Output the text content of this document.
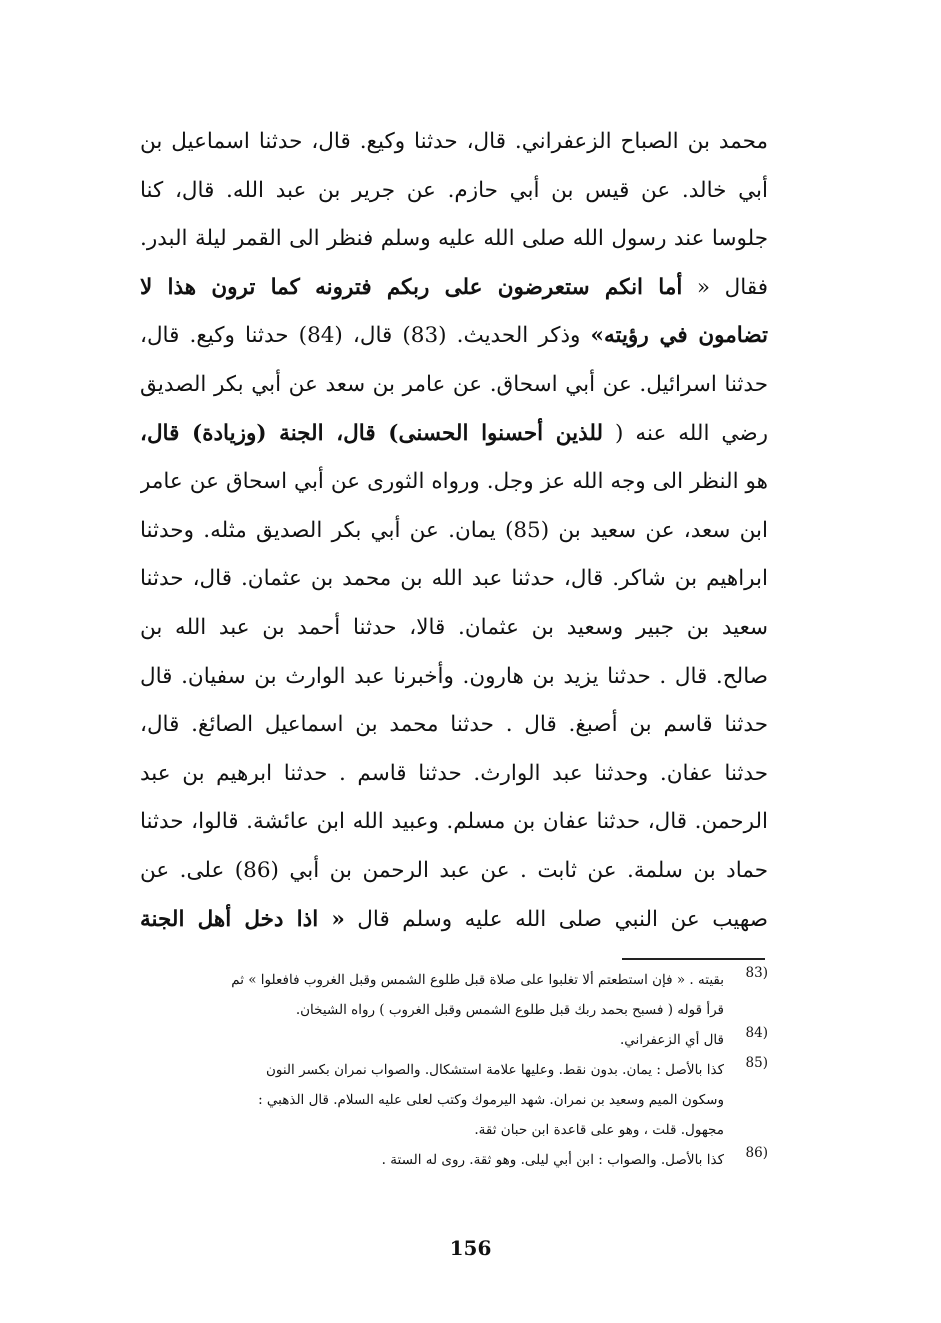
محمد بن الصباح الزعفراني. قال، حدثنا وكيع. قال، حدثنا اسماعيل بن
أبي خالد. عن قيس بن أبي حازم. عن جرير بن عبد الله. قال، كنا
جلوسا عند رسول الله صلى الله عليه وسلم فنظر الى القمر ليلة البدر.
فقال « أما انكم ستعرضون على ربكم فترونه كما ترون هذا لا
تضامون في رؤيته» وذكر الحديث. (83) قال، (84) حدثنا وكيع. قال،
حدثنا اسرائيل. عن أبي اسحاق. عن عامر بن سعد عن أبي بكر الصديق
رضي الله عنه ( للذين أحسنوا الحسنى) قال، الجنة (وزيادة) قال،
هو النظر الى وجه الله عز وجل. ورواه الثورى عن أبي اسحاق عن عامر
ابن سعد، عن سعيد بن (85) يمان. عن أبي بكر الصديق مثله. وحدثنا
ابراهيم بن شاكر. قال، حدثنا عبد الله بن محمد بن عثمان. قال، حدثنا
سعيد بن جبير وسعيد بن عثمان. قالا، حدثنا أحمد بن عبد الله بن
صالح. قال . حدثنا يزيد بن هارون. وأخبرنا عبد الوارث بن سفيان. قال
حدثنا قاسم بن أصبغ. قال . حدثنا محمد بن اسماعيل الصائغ. قال،
حدثنا عفان. وحدثنا عبد الوارث. حدثنا قاسم . حدثنا ابرهيم بن عبد
الرحمن. قال، حدثنا عفان بن مسلم. وعبيد الله ابن عائشة. قالوا، حدثنا
حماد بن سلمة. عن ثابت . عن عبد الرحمن بن أبي (86) على. عن
صهيب عن النبي صلى الله عليه وسلم قال « اذا دخل أهل الجنة
83)
بقيته . « فإن استطعتم ألا تغلبوا على صلاة قبل طلوع الشمس وقبل الغروب فافعلوا » ثم
قرأ قوله ( فسبح بحمد ربك قبل طلوع الشمس وقبل الغروب ) رواه الشيخان.
84)
قال أي الزعفراني.
85)
كذا بالأصل : يمان. بدون نقط. وعليها علامة استشكال. والصواب نمران بكسر النون
وسكون الميم وسعيد بن نمران. شهد اليرموك وكتب لعلى عليه السلام. قال الذهبي :
مجهول. قلت ، وهو على قاعدة ابن حبان ثقة.
86)
كذا بالأصل. والصواب : ابن أبي ليلى. وهو ثقة. روى له الستة .
156
